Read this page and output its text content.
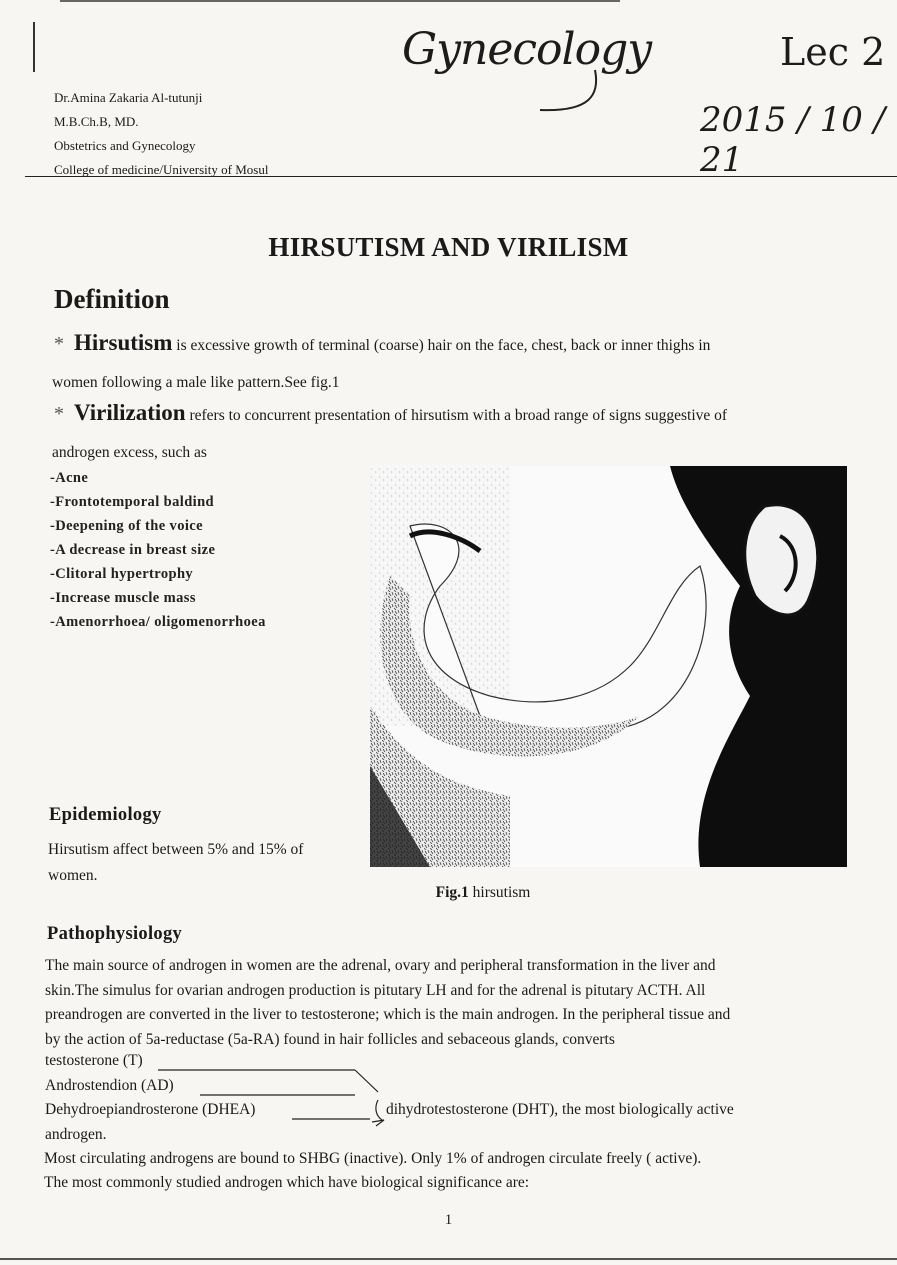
Gynecology	Lec 2
2015 / 10 / 21
Dr.Amina Zakaria Al-tutunji
M.B.Ch.B, MD.
Obstetrics and Gynecology
College of medicine/University of Mosul
HIRSUTISM AND VIRILISM
Definition
* Hirsutism is excessive growth of terminal (coarse) hair on the face, chest, back or inner thighs in
women following a male like pattern.See fig.1
* Virilization refers to concurrent presentation of hirsutism with a broad range of signs suggestive of
androgen excess, such as
-Acne
-Frontotemporal baldind
-Deepening of the voice
-A decrease in breast size
-Clitoral hypertrophy
-Increase muscle mass
-Amenorrhoea/ oligomenorrhoea
Fig.1 hirsutism
Epidemiology
Hirsutism affect between 5% and 15% of
women.
Pathophysiology
The main source of androgen in women are the adrenal, ovary and peripheral transformation in the liver and
skin.The simulus for ovarian androgen production is pitutary LH and for the adrenal is pitutary ACTH. All
preandrogen are converted in the liver to testosterone; which is the main androgen. In the peripheral tissue and
by the action of 5a-reductase (5a-RA) found in hair follicles and sebaceous glands, converts
testosterone (T)
Androstendion (AD)
Dehydroepiandrosterone (DHEA)	dihydrotestosterone (DHT), the most biologically active
androgen.
Most circulating androgens are bound to SHBG (inactive). Only 1% of androgen circulate freely ( active).
The most commonly studied androgen which have biological significance are:
1
